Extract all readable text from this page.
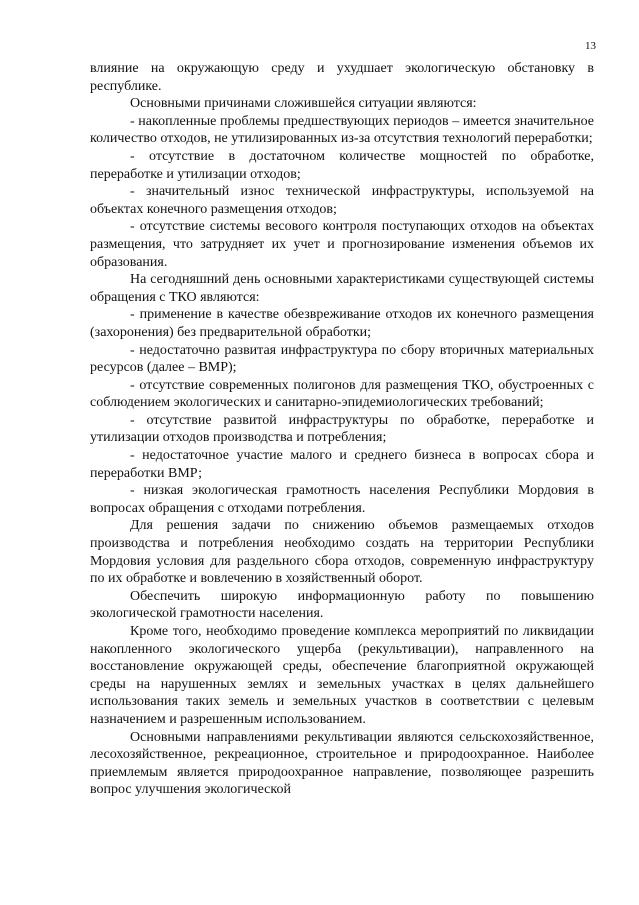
13

влияние на окружающую среду и ухудшает экологическую обстановку в республике.

Основными причинами сложившейся ситуации являются:

- накопленные проблемы предшествующих периодов – имеется значительное количество отходов, не утилизированных из-за отсутствия технологий переработки;

- отсутствие в достаточном количестве мощностей по обработке, переработке и утилизации отходов;

- значительный износ технической инфраструктуры, используемой на объектах конечного размещения отходов;

- отсутствие системы весового контроля поступающих отходов на объектах размещения, что затрудняет их учет и прогнозирование изменения объемов их образования.

На сегодняшний день основными характеристиками существующей системы обращения с ТКО являются:

- применение в качестве обезвреживание отходов их конечного размещения (захоронения) без предварительной обработки;

- недостаточно развитая инфраструктура по сбору вторичных материальных ресурсов (далее – ВМР);

- отсутствие современных полигонов для размещения ТКО, обустроенных с соблюдением экологических и санитарно-эпидемиологических требований;

- отсутствие развитой инфраструктуры по обработке, переработке и утилизации отходов производства и потребления;

- недостаточное участие малого и среднего бизнеса в вопросах сбора и переработки ВМР;

- низкая экологическая грамотность населения Республики Мордовия в вопросах обращения с отходами потребления.

Для решения задачи по снижению объемов размещаемых отходов производства и потребления необходимо создать на территории Республики Мордовия условия для раздельного сбора отходов, современную инфраструктуру по их обработке и вовлечению в хозяйственный оборот.

Обеспечить широкую информационную работу по повышению экологической грамотности населения.

Кроме того, необходимо проведение комплекса мероприятий по ликвидации накопленного экологического ущерба (рекультивации), направленного на восстановление окружающей среды, обеспечение благоприятной окружающей среды на нарушенных землях и земельных участках в целях дальнейшего использования таких земель и земельных участков в соответствии с целевым назначением и разрешенным использованием.

Основными направлениями рекультивации являются сельскохозяйственное, лесохозяйственное, рекреационное, строительное и природоохранное. Наиболее приемлемым является природоохранное направление, позволяющее разрешить вопрос улучшения экологической
